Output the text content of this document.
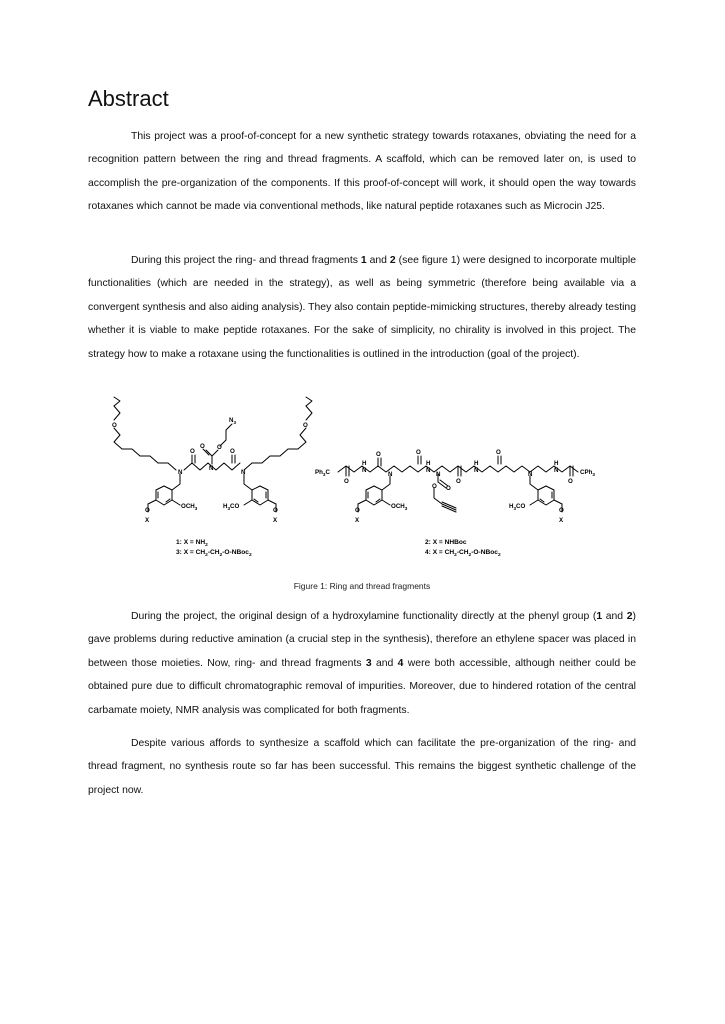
Abstract

This project was a proof-of-concept for a new synthetic strategy towards rotaxanes, obviating the need for a recognition pattern between the ring and thread fragments. A scaffold, which can be removed later on, is used to accomplish the pre-organization of the components. If this proof-of-concept will work, it should open the way towards rotaxanes which cannot be made via conventional methods, like natural peptide rotaxanes such as Microcin J25.

During this project the ring- and thread fragments 1 and 2 (see figure 1) were designed to incorporate multiple functionalities (which are needed in the strategy), as well as being symmetric (therefore being available via a convergent synthesis and also aiding analysis). They also contain peptide-mimicking structures, thereby already testing whether it is viable to make peptide rotaxanes. For the sake of simplicity, no chirality is involved in this project. The strategy how to make a rotaxane using the functionalities is outlined in the introduction (goal of the project).

During the project, the original design of a hydroxylamine functionality directly at the phenyl group (1 and 2) gave problems during reductive amination (a crucial step in the synthesis), therefore an ethylene spacer was placed in between those moieties. Now, ring- and thread fragments 3 and 4 were both accessible, although neither could be obtained pure due to difficult chromatographic removal of impurities. Moreover, due to hindered rotation of the central carbamate moiety, NMR analysis was complicated for both fragments.

Despite various affords to synthesize a scaffold which can facilitate the pre-organization of the ring- and thread fragment, no synthesis route so far has been successful. This remains the biggest synthetic challenge of the project now.

Figure 1: Ring and thread fragments
O	O
N
N
N
O	O
O O
$N_3$
O
X
O
X
$OCH_3$	$H_3CO$
$Ph_3C$	CPh$_3$
O	O	O
O	O	O
H
N
N
H
N
N
H
N
N
H
N
O
O
O
X
O
X
$OCH_3$	$H_3CO$
1: $X = NH_2$
3: $X = CH_2-CH_2-O-NBoc_2$
2: X = NHBoc
4: $X = CH_2-CH_2-O-NBoc_2$
